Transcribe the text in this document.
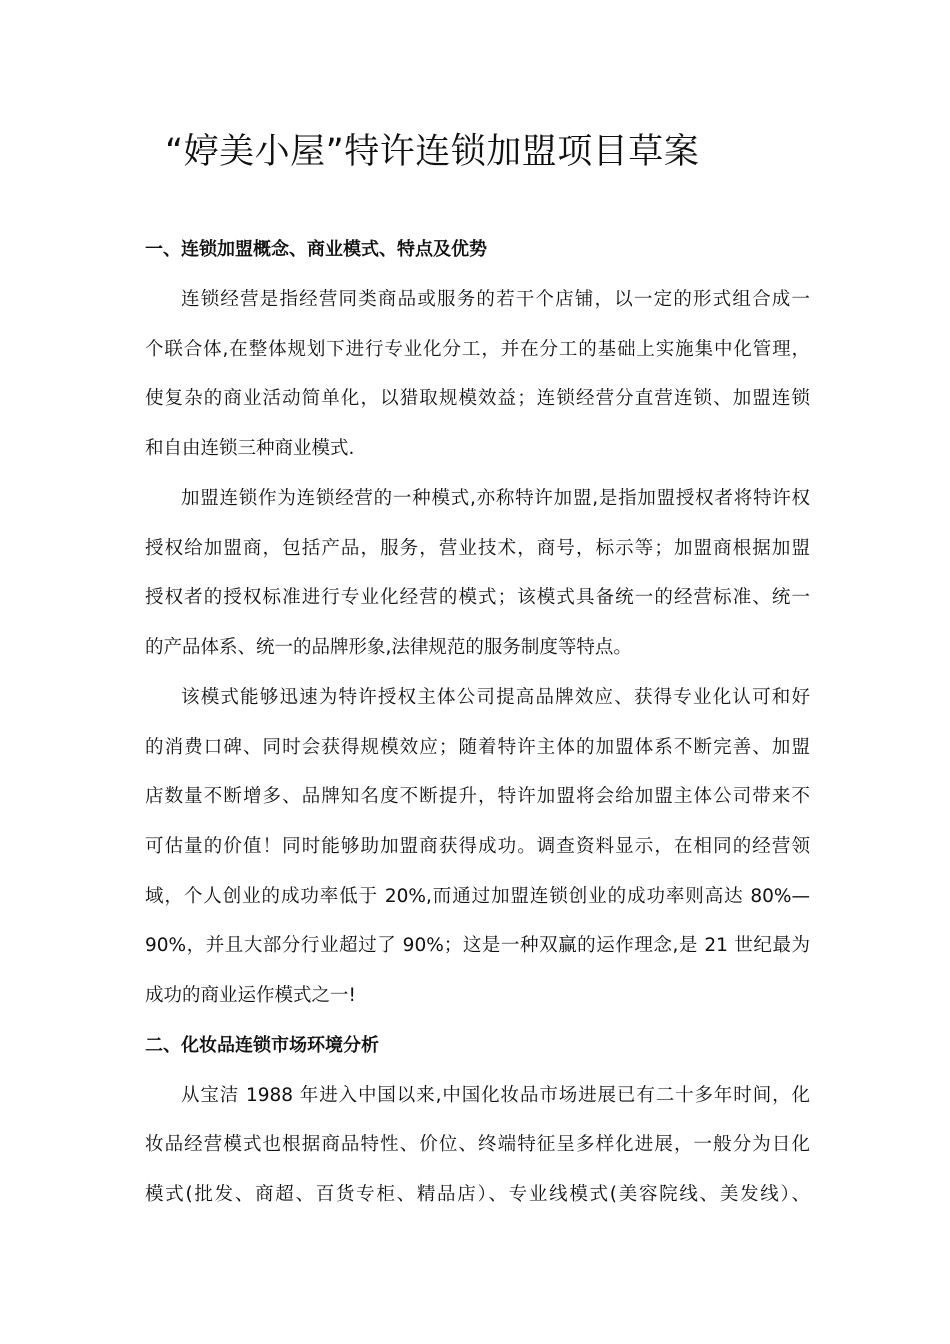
“婷美小屋”特许连锁加盟项目草案
一、连锁加盟概念、商业模式、特点及优势

连锁经营是指经营同类商品或服务的若干个店铺，以一定的形式组合成一

个联合体,在整体规划下进行专业化分工，并在分工的基础上实施集中化管理，

使复杂的商业活动简单化，以猎取规模效益；连锁经营分直营连锁、加盟连锁

和自由连锁三种商业模式.

加盟连锁作为连锁经营的一种模式,亦称特许加盟,是指加盟授权者将特许权

授权给加盟商，包括产品，服务，营业技术，商号，标示等；加盟商根据加盟

授权者的授权标准进行专业化经营的模式；该模式具备统一的经营标准、统一

的产品体系、统一的品牌形象,法律规范的服务制度等特点。

该模式能够迅速为特许授权主体公司提高品牌效应、获得专业化认可和好

的消费口碑、同时会获得规模效应；随着特许主体的加盟体系不断完善、加盟

店数量不断增多、品牌知名度不断提升，特许加盟将会给加盟主体公司带来不

可估量的价值！同时能够助加盟商获得成功。调查资料显示，在相同的经营领

域，个人创业的成功率低于 20%,而通过加盟连锁创业的成功率则高达 80%—

90%，并且大部分行业超过了 90%；这是一种双赢的运作理念,是 21 世纪最为

成功的商业运作模式之一!

二、化妆品连锁市场环境分析

从宝洁 1988 年进入中国以来,中国化妆品市场进展已有二十多年时间，化

妆品经营模式也根据商品特性、价位、终端特征呈多样化进展，一般分为日化

模式(批发、商超、百货专柜、精品店）、专业线模式(美容院线、美发线）、
